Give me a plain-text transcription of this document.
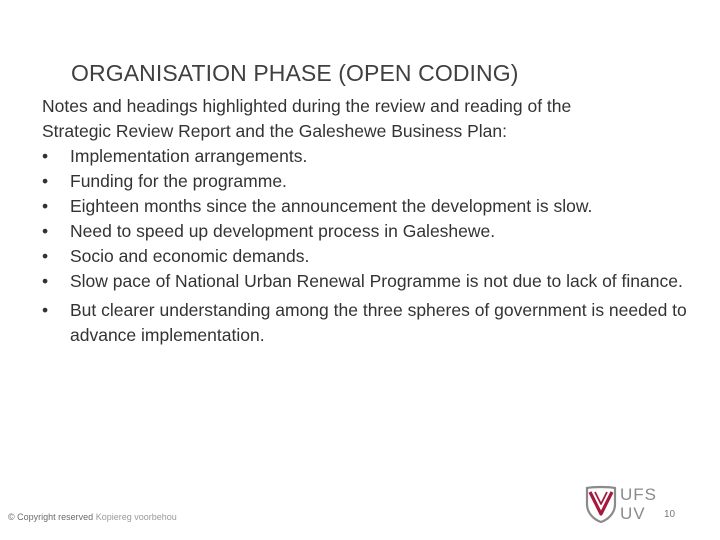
ORGANISATION PHASE (OPEN CODING)

Notes and headings highlighted during the review and reading of the
Strategic Review Report and the Galeshewe Business Plan:

• Implementation arrangements.
• Funding for the programme.
• Eighteen months since the announcement the development is slow.
• Need to speed up development process in Galeshewe.
• Socio and economic demands.
• Slow pace of National Urban Renewal Programme is not due to lack of finance.
• But clearer understanding among the three spheres of government is needed to advance implementation.
© Copyright reserved Kopiereg voorbehou
UFS
UV 10
